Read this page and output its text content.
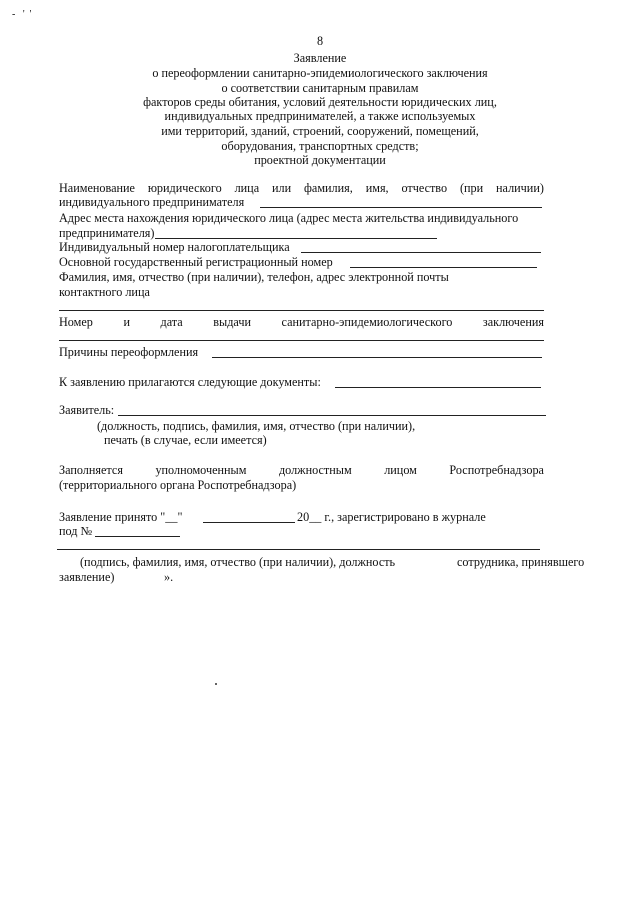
-   '  '
8
Заявление
о переоформлении санитарно-эпидемиологического заключения
о соответствии санитарным правилам
факторов среды обитания, условий деятельности юридических лиц,
индивидуальных предпринимателей, а также используемых
ими территорий, зданий, строений, сооружений, помещений,
оборудования, транспортных средств;
проектной документации
Наименование юридического лица или фамилия, имя, отчество (при наличии)
индивидуального предпринимателя
Адрес места нахождения юридического лица (адрес места жительства индивидуального
предпринимателя)
Индивидуальный номер налогоплательщика
Основной государственный регистрационный номер
Фамилия, имя, отчество (при наличии), телефон, адрес электронной почты
контактного лица
Номер	и	дата	выдачи	санитарно-эпидемиологического	заключения
Причины переоформления
К заявлению прилагаются следующие документы:
Заявитель:
(должность, подпись, фамилия, имя, отчество (при наличии),
печать (в случае, если имеется)
Заполняется	уполномоченным	должностным	лицом	Роспотребнадзора
(территориального органа Роспотребнадзора)
Заявление принято "__"	20__ г., зарегистрировано в журнале
под №
(подпись, фамилия, имя, отчество (при наличии), должность	сотрудника, принявшего
заявление)	».
